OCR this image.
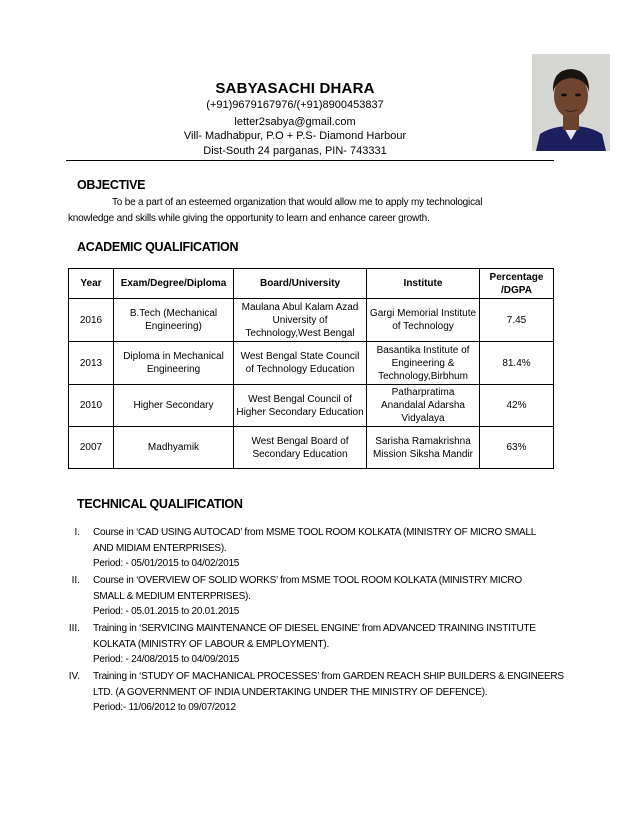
SABYASACHI DHARA
(+91)9679167976/(+91)8900453837
letter2sabya@gmail.com
Vill- Madhabpur, P.O + P.S- Diamond Harbour
Dist-South 24 parganas, PIN- 743331
OBJECTIVE
To be a part of an esteemed organization that would allow me to apply my technological
knowledge and skills while giving the opportunity to learn and enhance career growth.
ACADEMIC QUALIFICATION
Year	Exam/Degree/Diploma	Board/University	Institute	Percentage /DGPA
2016	B.Tech (Mechanical Engineering)	Maulana Abul Kalam Azad University of Technology,West Bengal	Gargi Memorial Institute of Technology	7.45
2013	Diploma in Mechanical Engineering	West Bengal State Council of Technology Education	Basantika Institute of Engineering & Technology,Birbhum	81.4%
2010	Higher Secondary	West Bengal Council of Higher Secondary Education	Patharpratima Anandalal Adarsha Vidyalaya	42%
2007	Madhyamik	West Bengal Board of Secondary Education	Sarisha Ramakrishna Mission Siksha Mandir	63%
TECHNICAL QUALIFICATION
I. Course in ‘CAD USING AUTOCAD’ from MSME TOOL ROOM KOLKATA (MINISTRY OF MICRO SMALL
AND MIDIAM ENTERPRISES).
Period: - 05/01/2015 to 04/02/2015
II. Course in ‘OVERVIEW OF SOLID WORKS’ from MSME TOOL ROOM KOLKATA (MINISTRY MICRO
SMALL & MEDIUM ENTERPRISES).
Period: - 05.01.2015 to 20.01.2015
III. Training in ‘SERVICING MAINTENANCE OF DIESEL ENGINE’ from ADVANCED TRAINING INSTITUTE
KOLKATA (MINISTRY OF LABOUR & EMPLOYMENT).
Period: - 24/08/2015 to 04/09/2015
IV. Training in ‘STUDY OF MACHANICAL PROCESSES’ from GARDEN REACH SHIP BUILDERS & ENGINEERS
LTD. (A GOVERNMENT OF INDIA UNDERTAKING UNDER THE MINISTRY OF DEFENCE).
Period:- 11/06/2012 to 09/07/2012
